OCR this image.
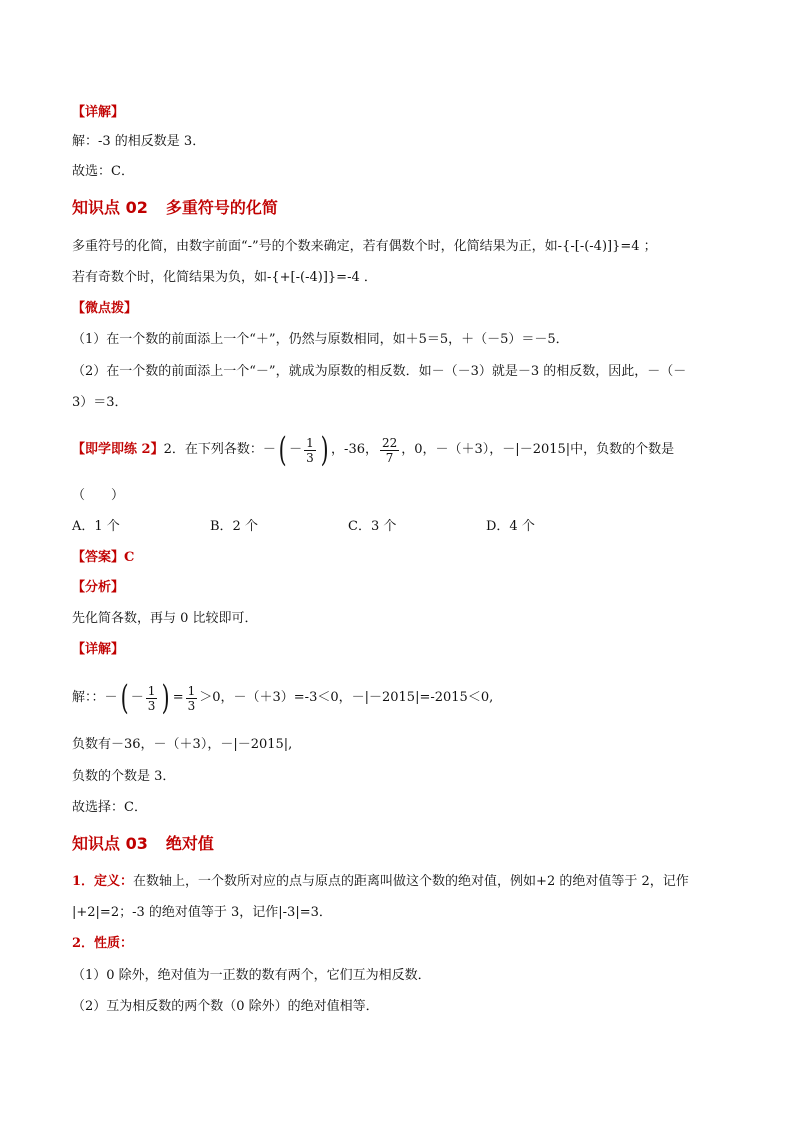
【详解】
解：-3 的相反数是 3．
故选：C．
知识点 02 多重符号的化简
多重符号的化简，由数字前面“-”号的个数来确定，若有偶数个时，化简结果为正，如-{-[-(-4)]}=4 ；
若有奇数个时，化简结果为负，如-{+[-(-4)]}=-4 ．
【微点拨】
（1）在一个数的前面添上一个“＋”，仍然与原数相同，如＋5＝5，＋（－5）＝－5．
（2）在一个数的前面添上一个“－”，就成为原数的相反数．如－（－3）就是－3 的相反数，因此，－（－
3）＝3．
【即学即练 2】 2．在下列各数：－ ( － $\frac{1}{3}$ ) ，-36， $\frac{22}{7}$ ，0，－（＋3），－|－2015|中，负数的个数是
（　　）
A．1 个	B．2 个	C．3 个	D．4 个
【答案】C
【分析】
先化简各数，再与 0 比较即可．
【详解】
解：：－ ( － $\frac{1}{3}$ ) = $\frac{1}{3} >0$，－（＋3）=-3＜0，－|－2015|=-2015＜0,
负数有－36，－（＋3），－|－2015|,
负数的个数是 3．
故选择：C．
知识点 03 绝对值
1．定义：在数轴上，一个数所对应的点与原点的距离叫做这个数的绝对值，例如+2 的绝对值等于 2，记作
|+2|=2；-3 的绝对值等于 3，记作|-3|=3．
2．性质：
（1）0 除外，绝对值为一正数的数有两个，它们互为相反数．
（2）互为相反数的两个数（0 除外）的绝对值相等．
